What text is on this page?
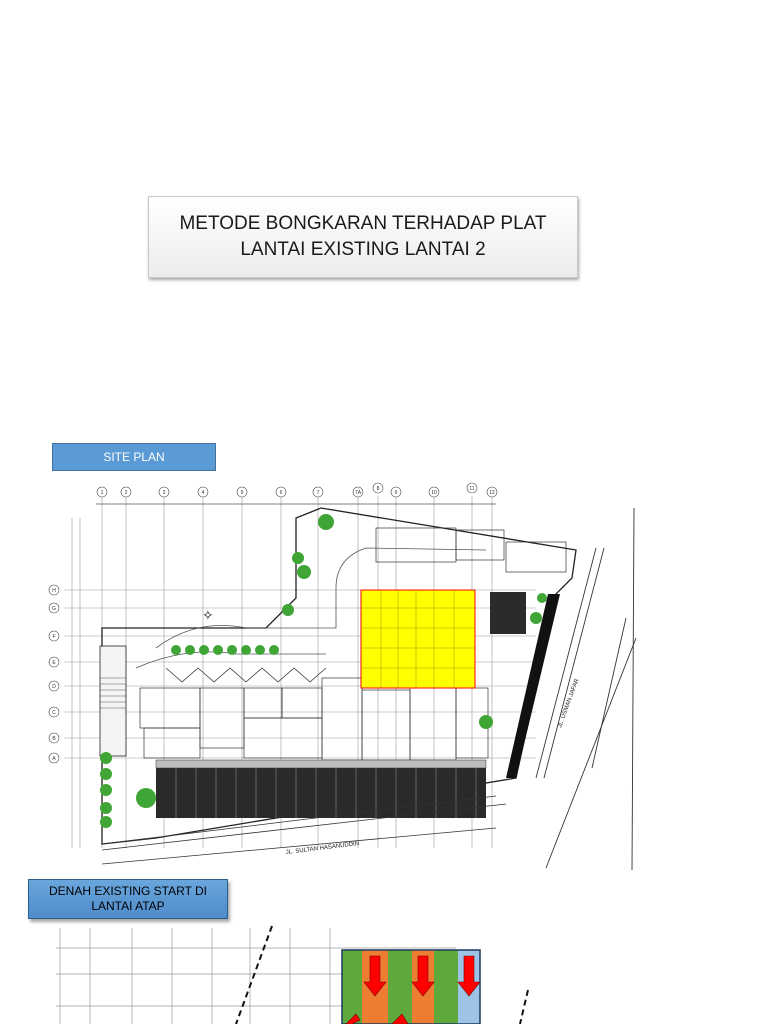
METODE BONGKARAN TERHADAP PLAT
LANTAI EXISTING LANTAI 2
SITE PLAN
1	2	3	4	5	6	7	7A
8
9	10
11
12
H
G
F
E
D
C
B
A
JL. SULTAN HASANUDDIN
JL. USMAN JAFAR
✧
DENAH EXISTING START DI
LANTAI ATAP
